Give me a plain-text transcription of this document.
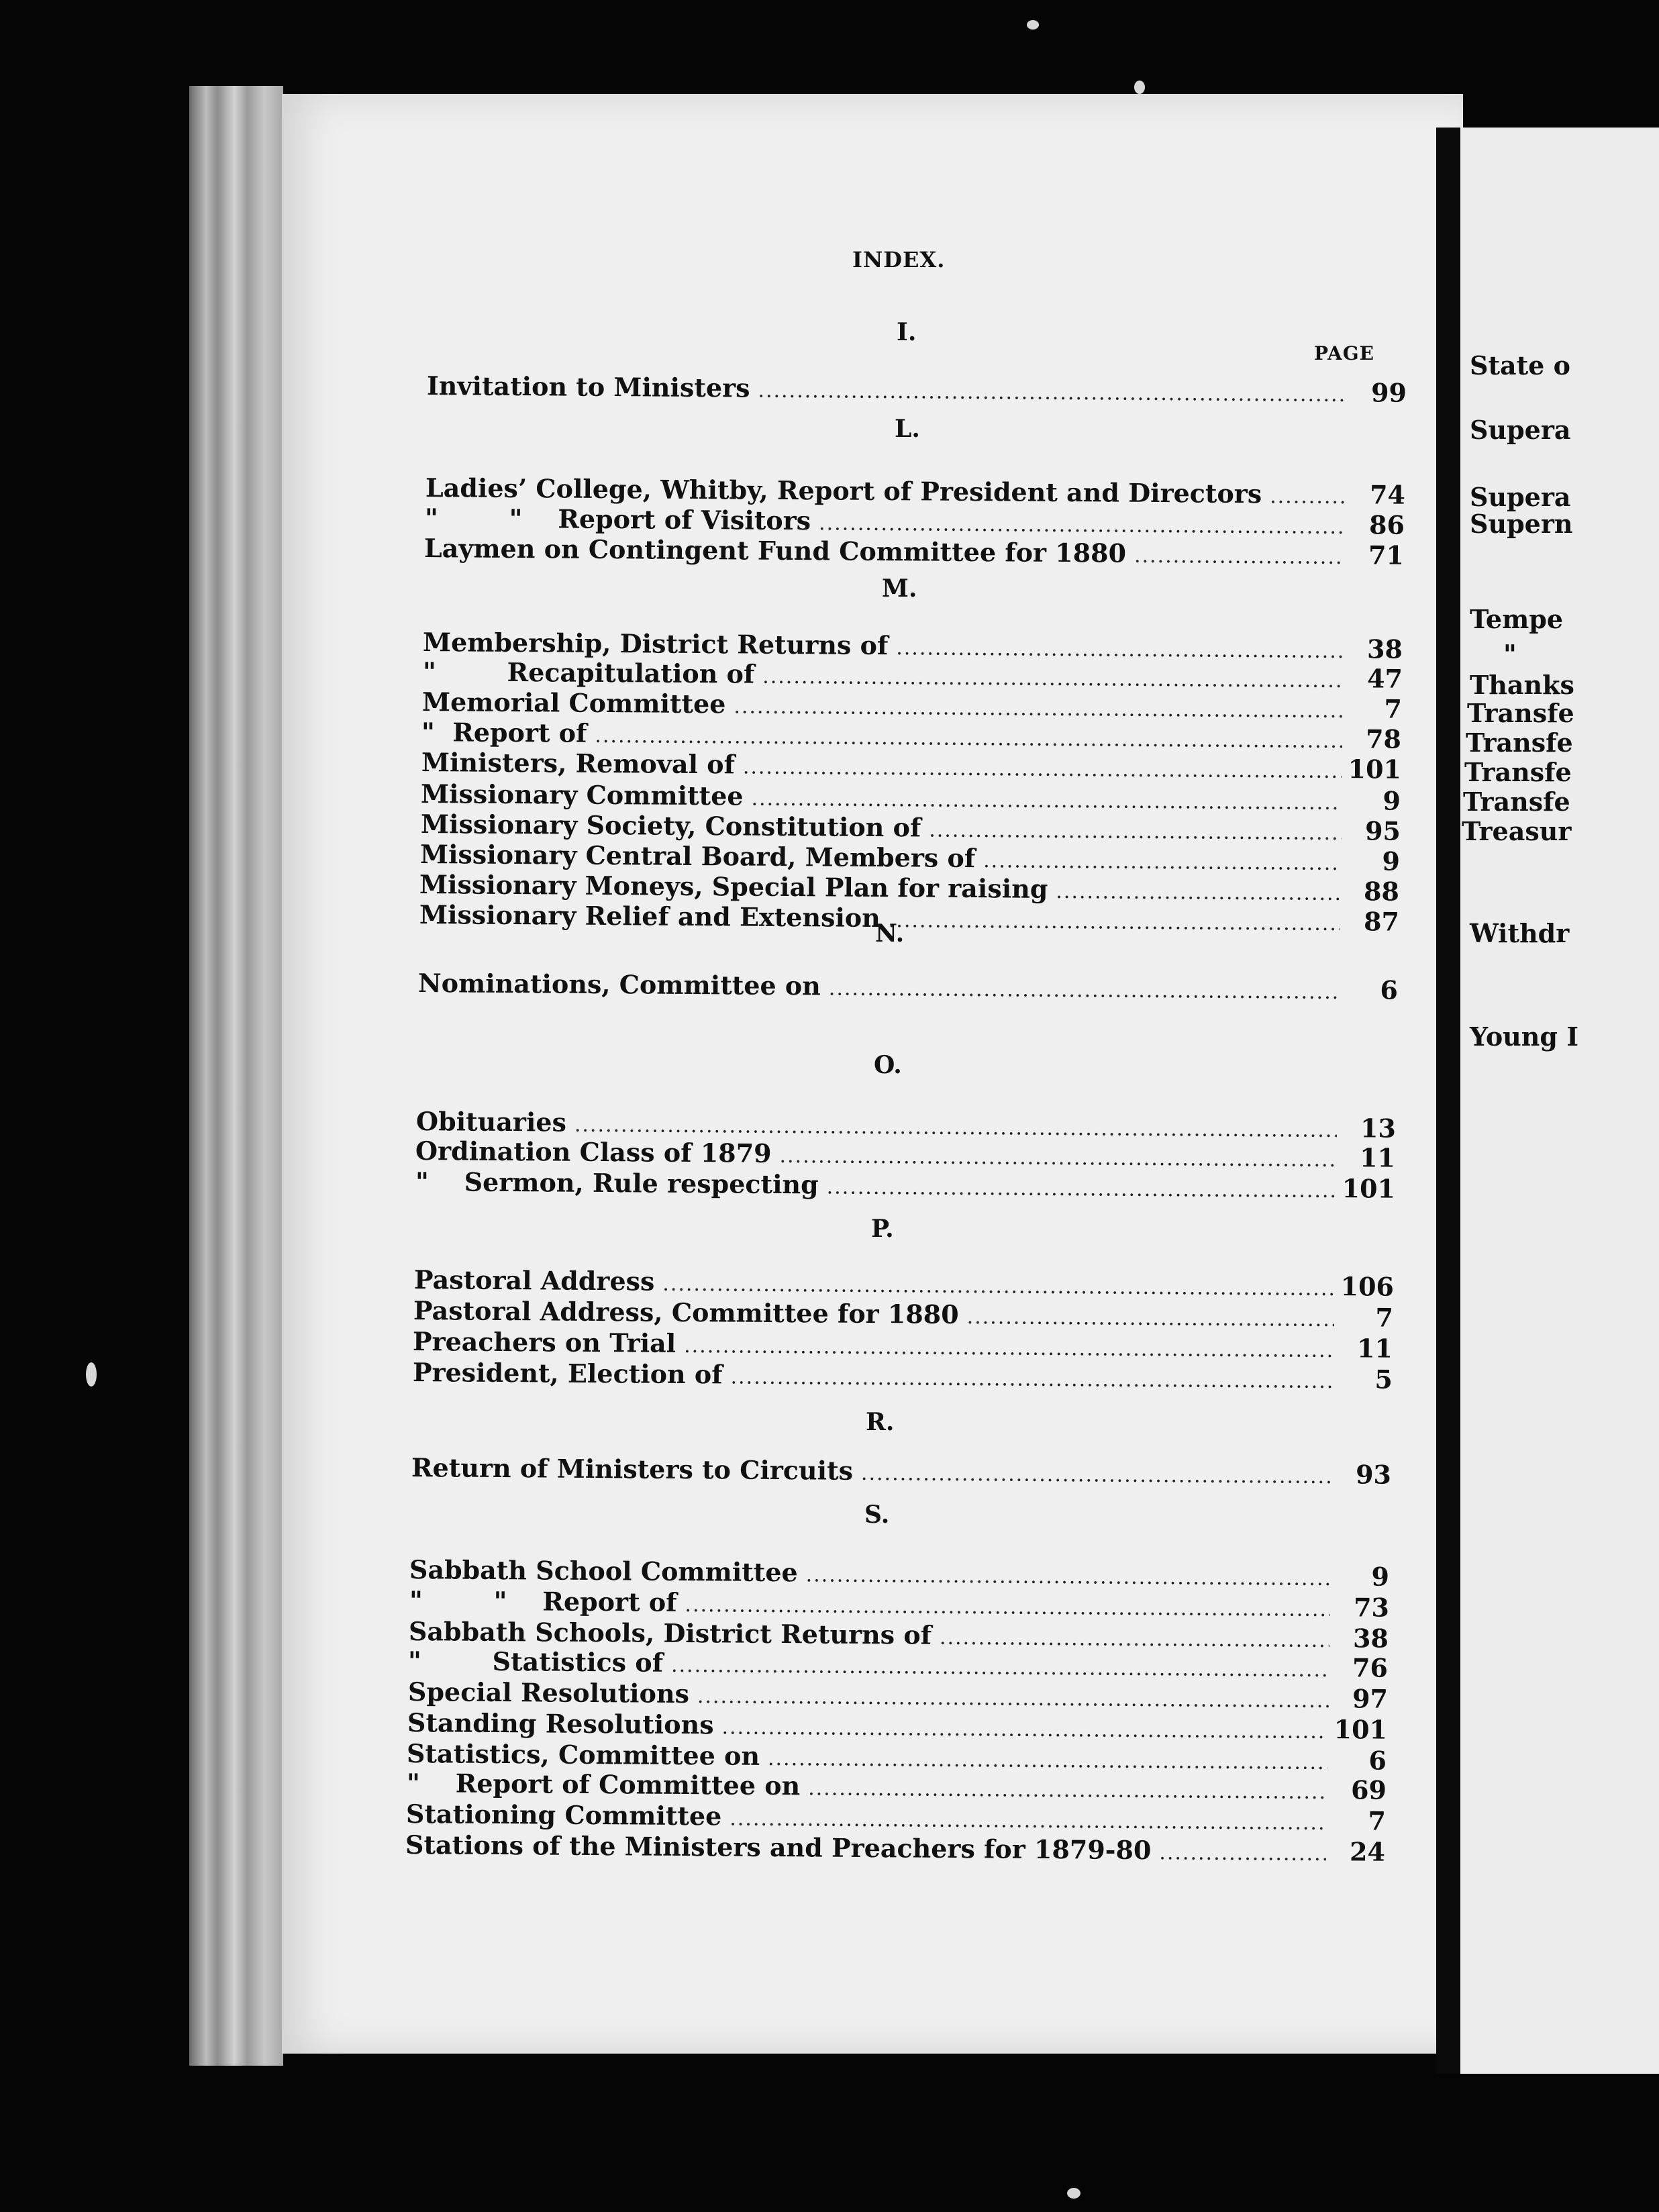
INDEX.
PAGE
I.
Invitation to Ministers .....	99
L.
Ladies’ College, Whitby, Report of President and Directors .....	74
"        "    Report of Visitors .....	86
Laymen on Contingent Fund Committee for 1880 .....	71
M.
Membership, District Returns of .....	38
"        Recapitulation of .....	47
Memorial Committee .....	7
"  Report of .....	78
Ministers, Removal of .....	101
Missionary Committee .....	9
Missionary Society, Constitution of .....	95
Missionary Central Board, Members of .....	9
Missionary Moneys, Special Plan for raising .....	88
Missionary Relief and Extension .....	87
N.
Nominations, Committee on .....	6
O.
Obituaries .....	13
Ordination Class of 1879 .....	11
"    Sermon, Rule respecting .....	101
P.
Pastoral Address .....	106
Pastoral Address, Committee for 1880 .....	7
Preachers on Trial .....	11
President, Election of .....	5
R.
Return of Ministers to Circuits .....	93
S.
Sabbath School Committee .....	9
"        "    Report of .....	73
Sabbath Schools, District Returns of .....	38
"        Statistics of .....	76
Special Resolutions .....	97
Standing Resolutions .....	101
Statistics, Committee on .....	6
"    Report of Committee on .....	69
Stationing Committee .....	7
Stations of the Ministers and Preachers for 1879-80 .....	24
State o
Supera
Supera
Supern
Tempe
"
Thanks
Transfe
Transfe
Transfe
Transfe
Treasur
Withdr
Young I
